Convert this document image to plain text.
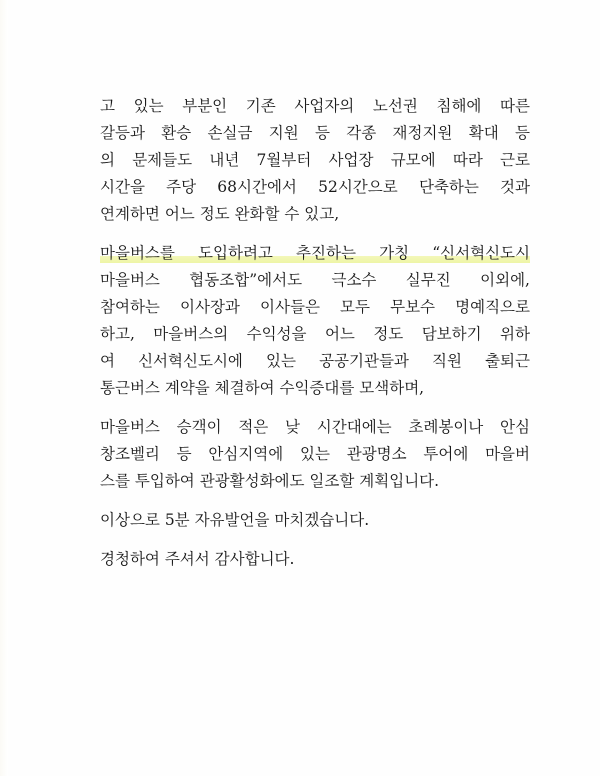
고 있는 부분인 기존 사업자의 노선권 침해에 따른
갈등과 환승 손실금 지원 등 각종 재정지원 확대 등
의 문제들도 내년 7월부터 사업장 규모에 따라 근로
시간을 주당 68시간에서 52시간으로 단축하는 것과
연계하면 어느 정도 완화할 수 있고,
마을버스를 도입하려고 추진하는 가칭 “신서혁신도시
마을버스 협동조합”에서도 극소수 실무진 이외에,
참여하는 이사장과 이사들은 모두 무보수 명예직으로
하고, 마을버스의 수익성을 어느 정도 담보하기 위하
여 신서혁신도시에 있는 공공기관들과 직원 출퇴근
통근버스 계약을 체결하여 수익증대를 모색하며,
마을버스 승객이 적은 낮 시간대에는 초례봉이나 안심
창조벨리 등 안심지역에 있는 관광명소 투어에 마을버
스를 투입하여 관광활성화에도 일조할 계획입니다.
이상으로 5분 자유발언을 마치겠습니다.
경청하여 주셔서 감사합니다.
